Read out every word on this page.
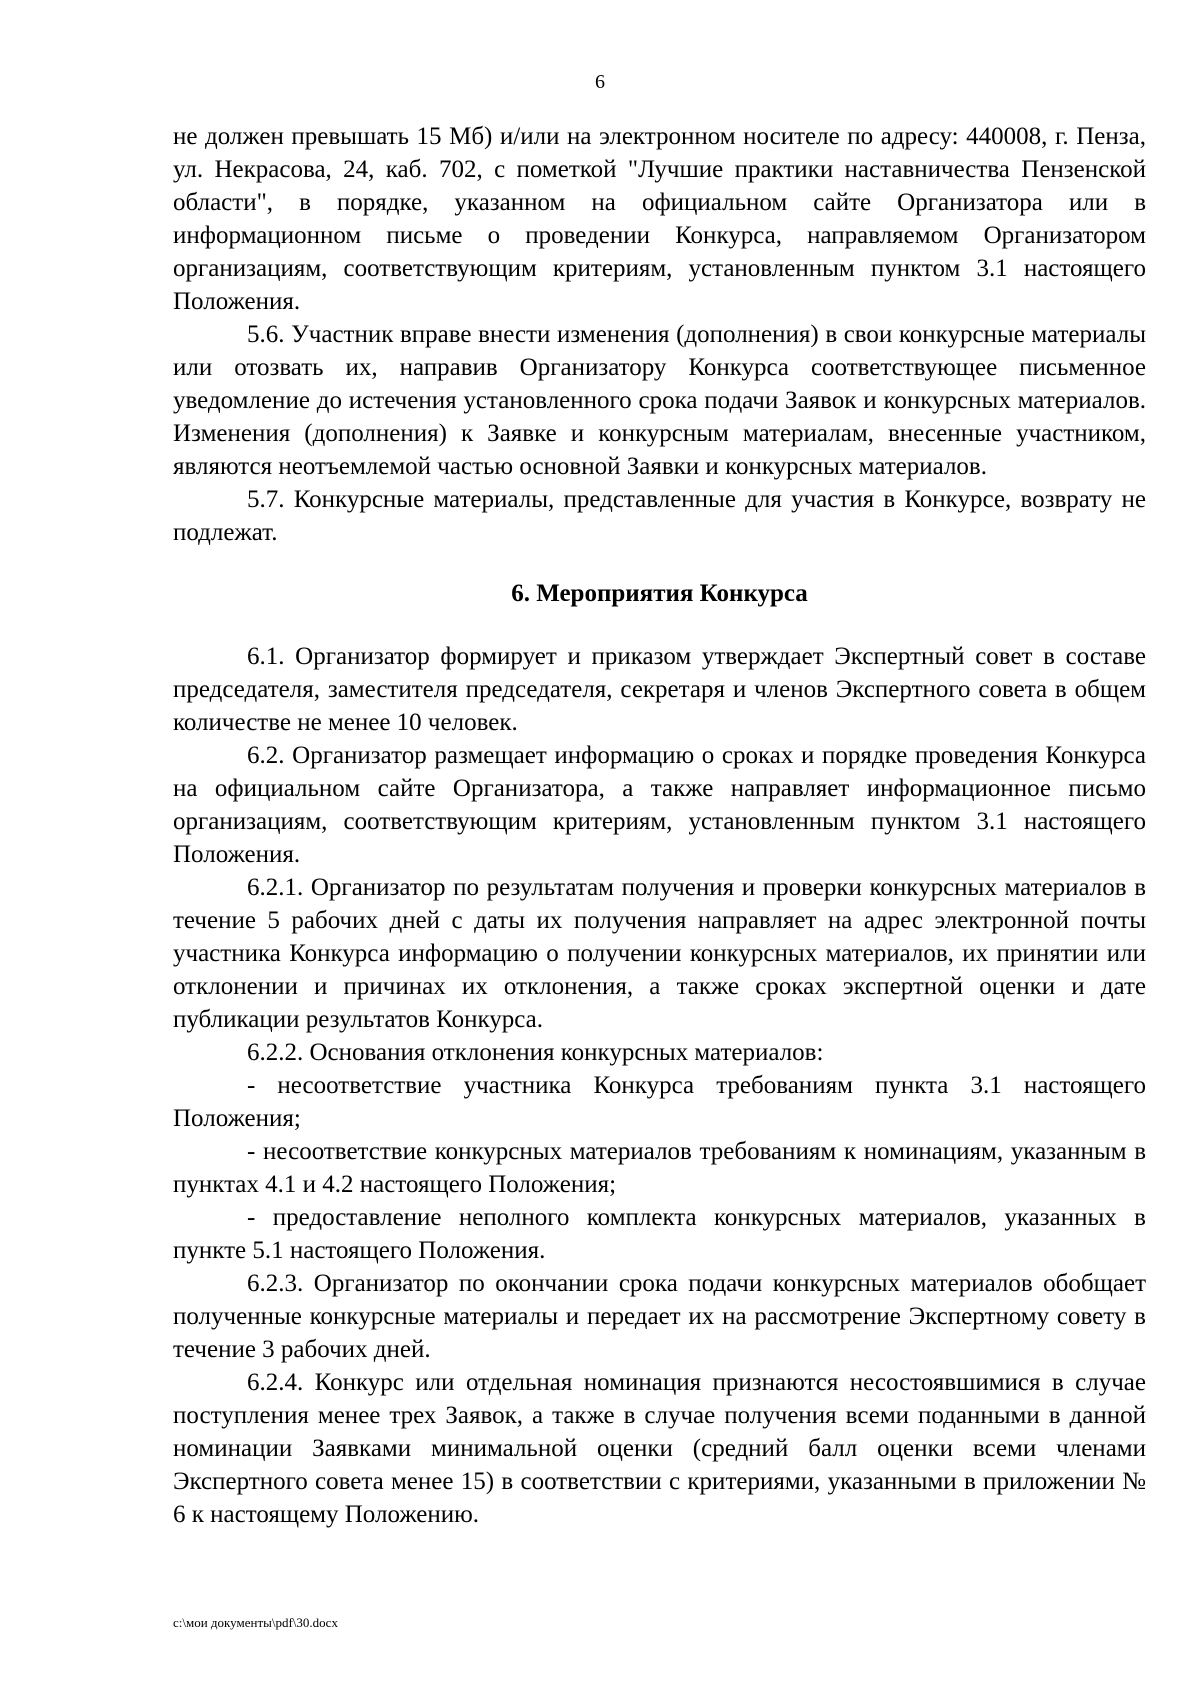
6

не должен превышать 15 Мб) и/или на электронном носителе по адресу: 440008, г. Пенза, ул. Некрасова, 24, каб. 702, с пометкой "Лучшие практики наставничества Пензенской области", в порядке, указанном на официальном сайте Организатора или в информационном письме о проведении Конкурса, направляемом Организатором организациям, соответствующим критериям, установленным пунктом 3.1 настоящего Положения.

5.6. Участник вправе внести изменения (дополнения) в свои конкурсные материалы или отозвать их, направив Организатору Конкурса соответствующее письменное уведомление до истечения установленного срока подачи Заявок и конкурсных материалов. Изменения (дополнения) к Заявке и конкурсным материалам, внесенные участником, являются неотъемлемой частью основной Заявки и конкурсных материалов.

5.7. Конкурсные материалы, представленные для участия в Конкурсе, возврату не подлежат.

6. Мероприятия Конкурса

6.1. Организатор формирует и приказом утверждает Экспертный совет в составе председателя, заместителя председателя, секретаря и членов Экспертного совета в общем количестве не менее 10 человек.

6.2. Организатор размещает информацию о сроках и порядке проведения Конкурса на официальном сайте Организатора, а также направляет информационное письмо организациям, соответствующим критериям, установленным пунктом 3.1 настоящего Положения.

6.2.1. Организатор по результатам получения и проверки конкурсных материалов в течение 5 рабочих дней с даты их получения направляет на адрес электронной почты участника Конкурса информацию о получении конкурсных материалов, их принятии или отклонении и причинах их отклонения, а также сроках экспертной оценки и дате публикации результатов Конкурса.

6.2.2. Основания отклонения конкурсных материалов:

- несоответствие участника Конкурса требованиям пункта 3.1 настоящего Положения;

- несоответствие конкурсных материалов требованиям к номинациям, указанным в пунктах 4.1 и 4.2 настоящего Положения;

- предоставление неполного комплекта конкурсных материалов, указанных в пункте 5.1 настоящего Положения.

6.2.3. Организатор по окончании срока подачи конкурсных материалов обобщает полученные конкурсные материалы и передает их на рассмотрение Экспертному совету в течение 3 рабочих дней.

6.2.4. Конкурс или отдельная номинация признаются несостоявшимися в случае поступления менее трех Заявок, а также в случае получения всеми поданными в данной номинации Заявками минимальной оценки (средний балл оценки всеми членами Экспертного совета менее 15) в соответствии с критериями, указанными в приложении № 6 к настоящему Положению.

c:\мои документы\pdf\30.docx
